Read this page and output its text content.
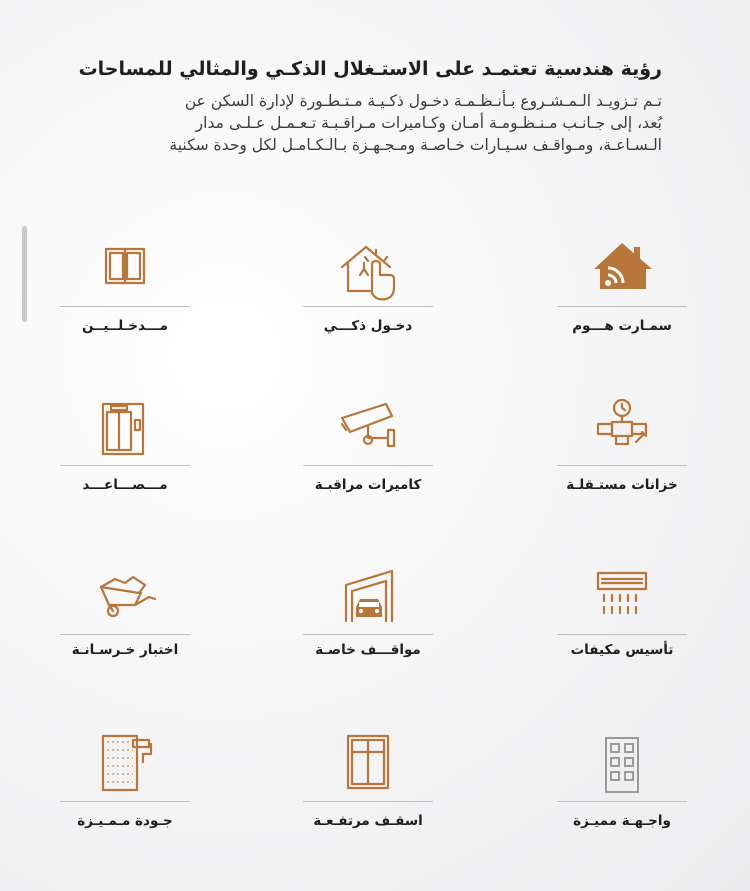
رؤية هندسية تعتمـد على الاستـغلال الذكـي والمثالي للمساحات

تـم تـزويـد الـمـشـروع بـأنـظـمـة دخـول ذكـيـة مـتـطـورة لإدارة السكن عن
بُعد، إلى جـانـب مـنـظـومـة أمـان وكـاميرات مـراقـبـة تـعـمـل عـلـى مدار
الـسـاعـة، ومـواقـف سـيـارات خـاصـة ومـجـهـزة بـالـكـامـل لكل وحدة سكنية

سمـارت هـــوم
دخـول ذكـــي
مـــدخـلــيــن
خزانات مستـقلـة
كاميرات مراقبـة
مـــصـــاعـــد
تأسيس مكيفات
مواقـــف خاصـة
اختبار خـرسـانـة
واجـهـة مميـزة
اسقـف مرتفـعـة
جـودة مـمـيـزة
